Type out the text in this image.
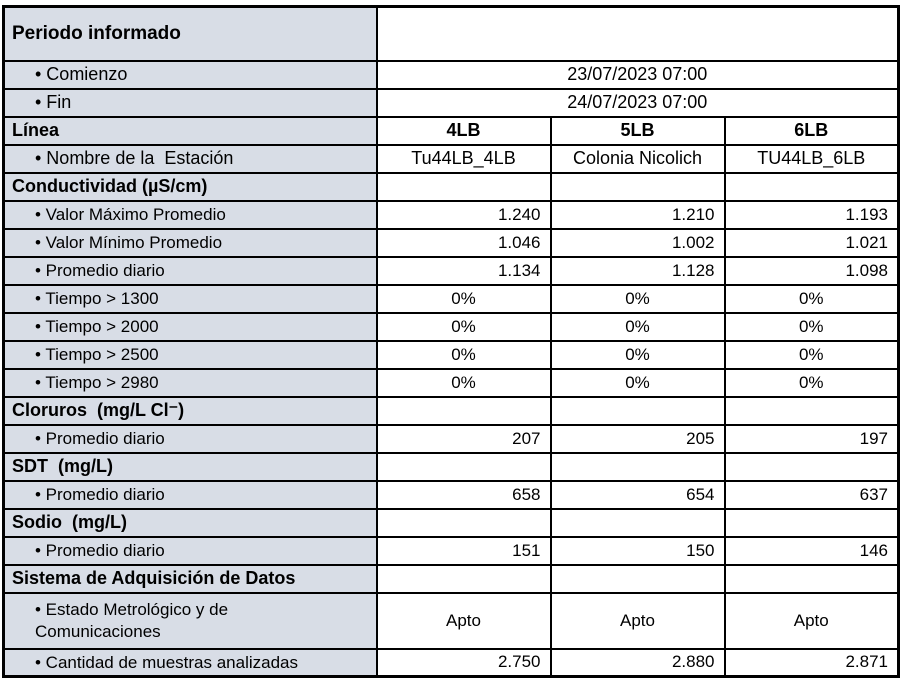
Periodo informado			
• Comienzo	23/07/2023 07:00		
• Fin	24/07/2023 07:00		
Línea	4LB	5LB	6LB
• Nombre de la  Estación	Tu44LB_4LB	Colonia Nicolich	TU44LB_6LB
Conductividad (µS/cm)			
• Valor Máximo Promedio	1.240	1.210	1.193
• Valor Mínimo Promedio	1.046	1.002	1.021
• Promedio diario	1.134	1.128	1.098
• Tiempo > 1300	0%	0%	0%
• Tiempo > 2000	0%	0%	0%
• Tiempo > 2500	0%	0%	0%
• Tiempo > 2980	0%	0%	0%
Cloruros  (mg/L Cl⁻)			
• Promedio diario	207	205	197
SDT  (mg/L)			
• Promedio diario	658	654	637
Sodio  (mg/L)			
• Promedio diario	151	150	146
Sistema de Adquisición de Datos			
• Estado Metrológico y de
Comunicaciones	Apto	Apto	Apto
• Cantidad de muestras analizadas	2.750	2.880	2.871
